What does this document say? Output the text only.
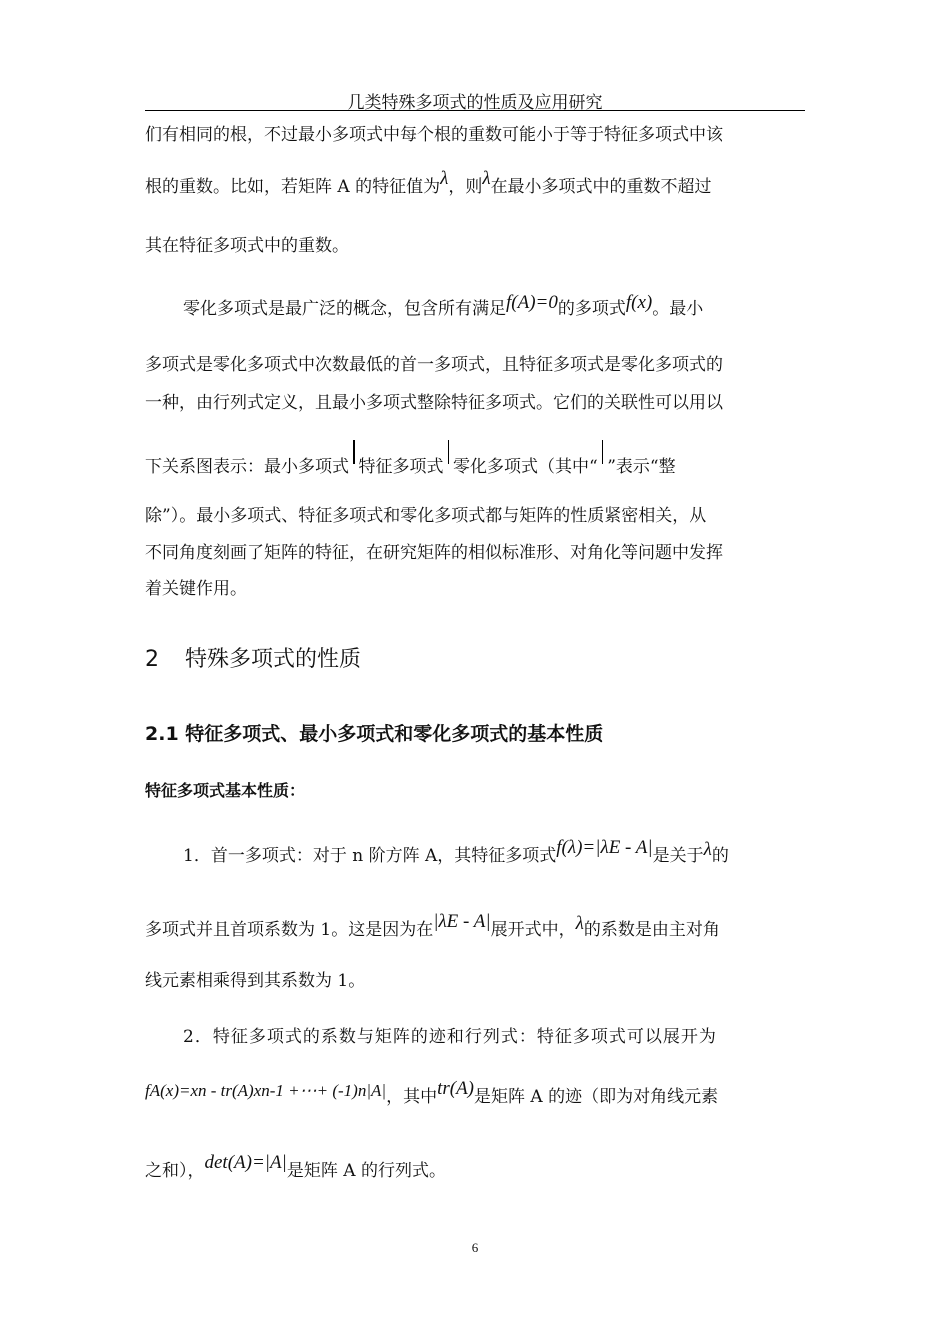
几类特殊多项式的性质及应用研究
们有相同的根，不过最小多项式中每个根的重数可能小于等于特征多项式中该
根的重数。比如，若矩阵 A 的特征值为λ，则λ在最小多项式中的重数不超过
其在特征多项式中的重数。
零化多项式是最广泛的概念，包含所有满足f(A)=0的多项式f(x)。最小
多项式是零化多项式中次数最低的首一多项式，且特征多项式是零化多项式的
一种，由行列式定义，且最小多项式整除特征多项式。它们的关联性可以用以
下关系图表示：最小多项式 特征多项式 零化多项式（其中“ ”表示“整
除”）。最小多项式、特征多项式和零化多项式都与矩阵的性质紧密相关，从
不同角度刻画了矩阵的特征，在研究矩阵的相似标准形、对角化等问题中发挥
着关键作用。
2 特殊多项式的性质
2.1 特征多项式、最小多项式和零化多项式的基本性质
特征多项式基本性质：
1．首一多项式：对于 n 阶方阵 A，其特征多项式f(λ)=|λE - A|是关于λ的
多项式并且首项系数为 1。这是因为在|λE - A|展开式中，λ的系数是由主对角
线元素相乘得到其系数为 1。
2．特征多项式的系数与矩阵的迹和行列式：特征多项式可以展开为
fA(x)=xn - tr(A)xn-1 +⋯+ (-1)n|A|，其中tr(A)是矩阵 A 的迹（即为对角线元素
之和），det(A)=|A|是矩阵 A 的行列式。
6
